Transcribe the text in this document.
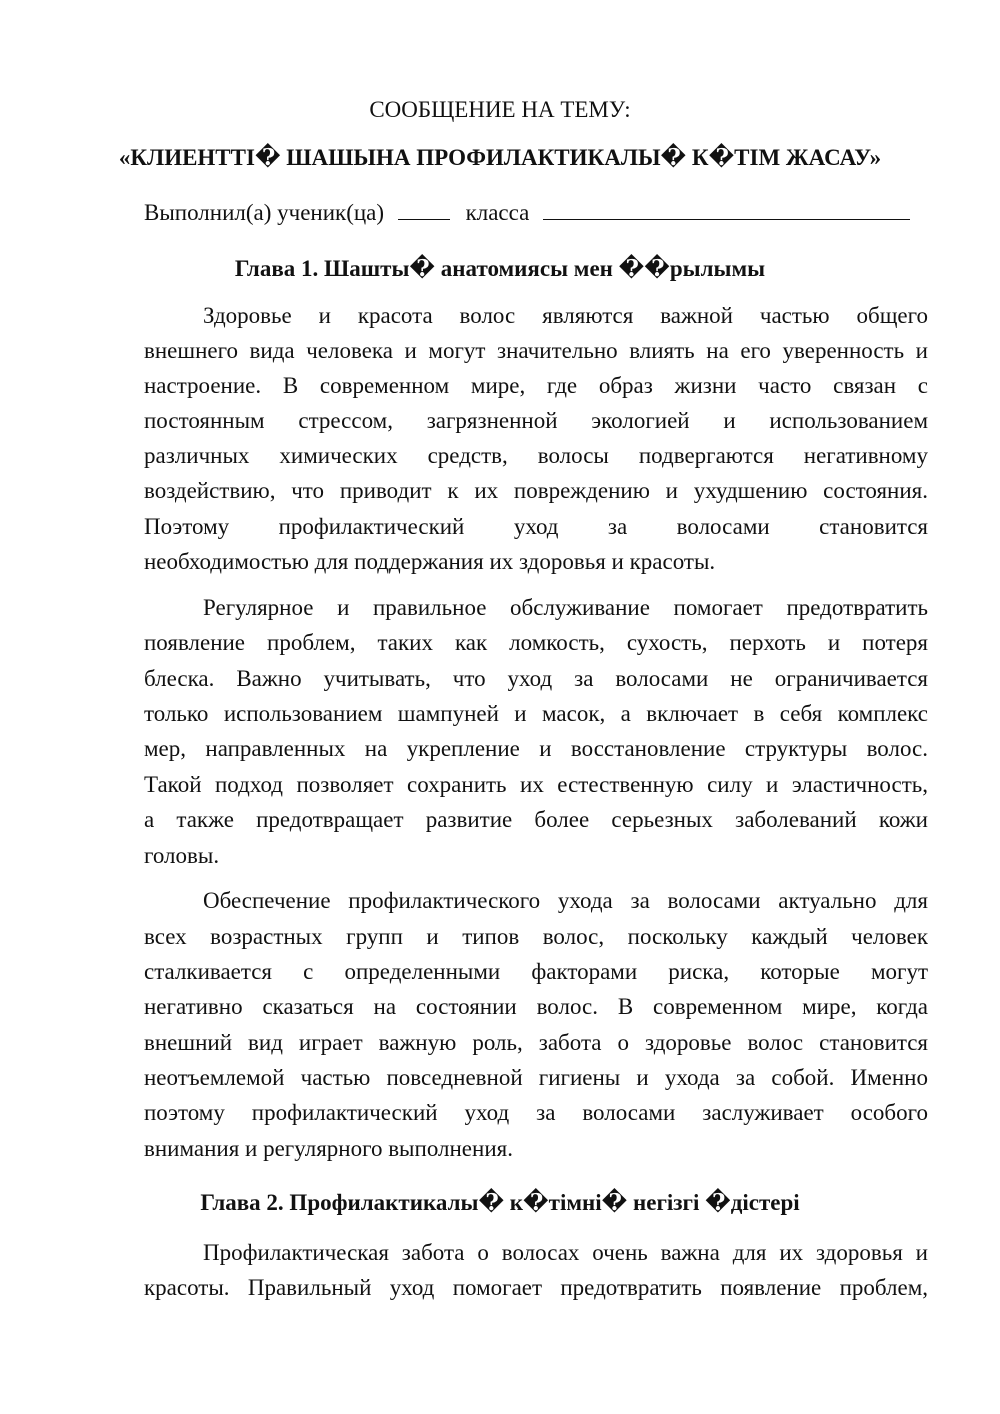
СООБЩЕНИЕ НА ТЕМУ:

«КЛИЕНТТІ� ШАШЫНА ПРОФИЛАКТИКАЛЫ� К�ТІМ ЖАСАУ»

Выполнил(а) ученик(ца)	класса

Глава 1. Шашты� анатомиясы мен ��рылымы

Здоровье и красота волос являются важной частью общего

внешнего вида человека и могут значительно влиять на его уверенность и

настроение. В современном мире, где образ жизни часто связан с

постоянным стрессом, загрязненной экологией и использованием

различных химических средств, волосы подвергаются негативному

воздействию, что приводит к их повреждению и ухудшению состояния.

Поэтому профилактический уход за волосами становится

необходимостью для поддержания их здоровья и красоты.

Регулярное и правильное обслуживание помогает предотвратить

появление проблем, таких как ломкость, сухость, перхоть и потеря

блеска. Важно учитывать, что уход за волосами не ограничивается

только использованием шампуней и масок, а включает в себя комплекс

мер, направленных на укрепление и восстановление структуры волос.

Такой подход позволяет сохранить их естественную силу и эластичность,

а также предотвращает развитие более серьезных заболеваний кожи

головы.

Обеспечение профилактического ухода за волосами актуально для

всех возрастных групп и типов волос, поскольку каждый человек

сталкивается с определенными факторами риска, которые могут

негативно сказаться на состоянии волос. В современном мире, когда

внешний вид играет важную роль, забота о здоровье волос становится

неотъемлемой частью повседневной гигиены и ухода за собой. Именно

поэтому профилактический уход за волосами заслуживает особого

внимания и регулярного выполнения.

Глава 2. Профилактикалы� к�тімні� негізгі �дістері

Профилактическая забота о волосах очень важна для их здоровья и

красоты. Правильный уход помогает предотвратить появление проблем,
